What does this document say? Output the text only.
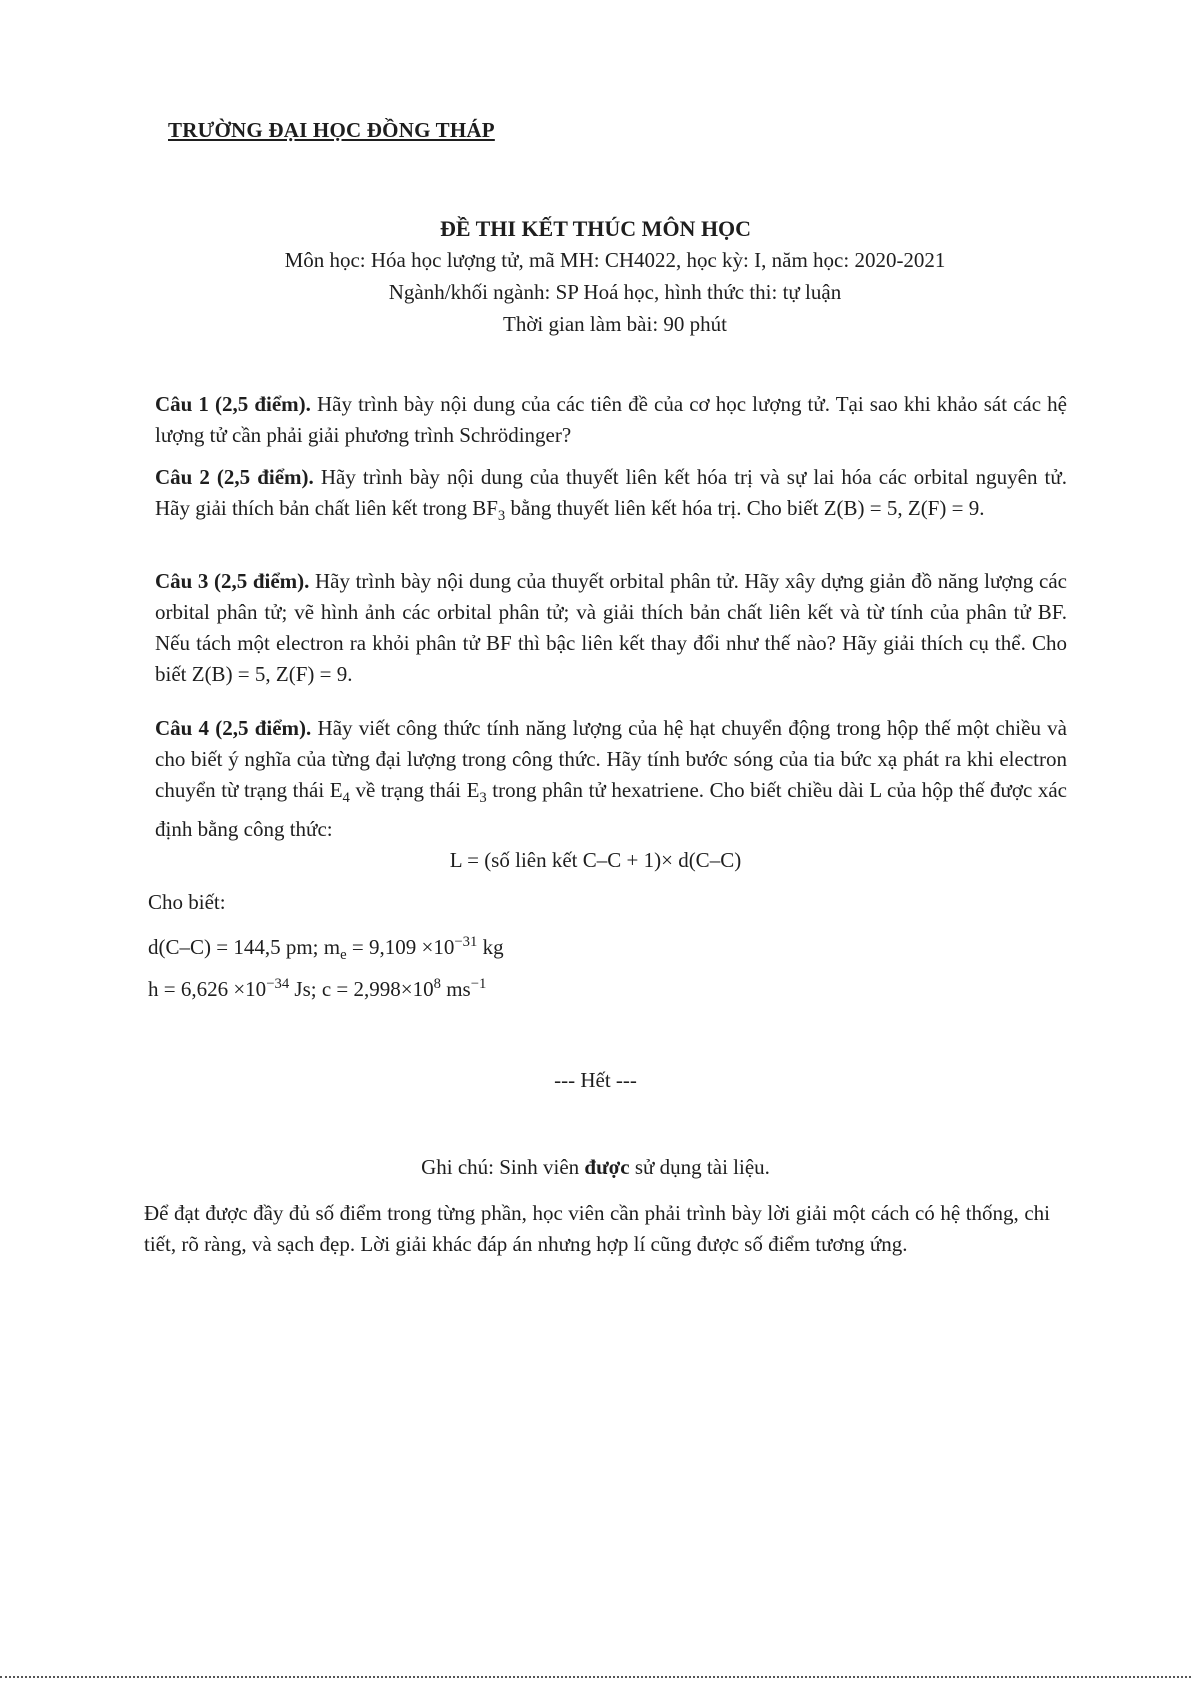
TRƯỜNG ĐẠI HỌC ĐỒNG THÁP
ĐỀ THI KẾT THÚC MÔN HỌC
Môn học: Hóa học lượng tử, mã MH: CH4022, học kỳ: I, năm học: 2020-2021
Ngành/khối ngành: SP Hoá học, hình thức thi: tự luận
Thời gian làm bài: 90 phút
Câu 1 (2,5 điểm). Hãy trình bày nội dung của các tiên đề của cơ học lượng tử. Tại sao khi khảo sát các hệ lượng tử cần phải giải phương trình Schrödinger?
Câu 2 (2,5 điểm). Hãy trình bày nội dung của thuyết liên kết hóa trị và sự lai hóa các orbital nguyên tử. Hãy giải thích bản chất liên kết trong $BF_3$ bằng thuyết liên kết hóa trị. Cho biết Z(B) = 5, Z(F) = 9.
Câu 3 (2,5 điểm). Hãy trình bày nội dung của thuyết orbital phân tử. Hãy xây dựng giản đồ năng lượng các orbital phân tử; vẽ hình ảnh các orbital phân tử; và giải thích bản chất liên kết và từ tính của phân tử BF. Nếu tách một electron ra khỏi phân tử BF thì bậc liên kết thay đổi như thế nào? Hãy giải thích cụ thể. Cho biết Z(B) = 5, Z(F) = 9.
Câu 4 (2,5 điểm). Hãy viết công thức tính năng lượng của hệ hạt chuyển động trong hộp thế một chiều và cho biết ý nghĩa của từng đại lượng trong công thức. Hãy tính bước sóng của tia bức xạ phát ra khi electron chuyển từ trạng thái $E_4$ về trạng thái $E_3$ trong phân tử hexatriene. Cho biết chiều dài L của hộp thế được xác định bằng công thức:
L = (số liên kết C–C + 1)× d(C–C)
Cho biết:
d(C–C) = 144,5 pm; $m_e = 9,109 \times 10^{-31}$ kg
$h = 6,626 \times 10^{-34}$ Js; $c = 2,998\times 10^8$ $ms^{-1}$
--- Hết ---
Ghi chú: Sinh viên được sử dụng tài liệu.
Để đạt được đầy đủ số điểm trong từng phần, học viên cần phải trình bày lời giải một cách có hệ thống, chi tiết, rõ ràng, và sạch đẹp. Lời giải khác đáp án nhưng hợp lí cũng được số điểm tương ứng.
